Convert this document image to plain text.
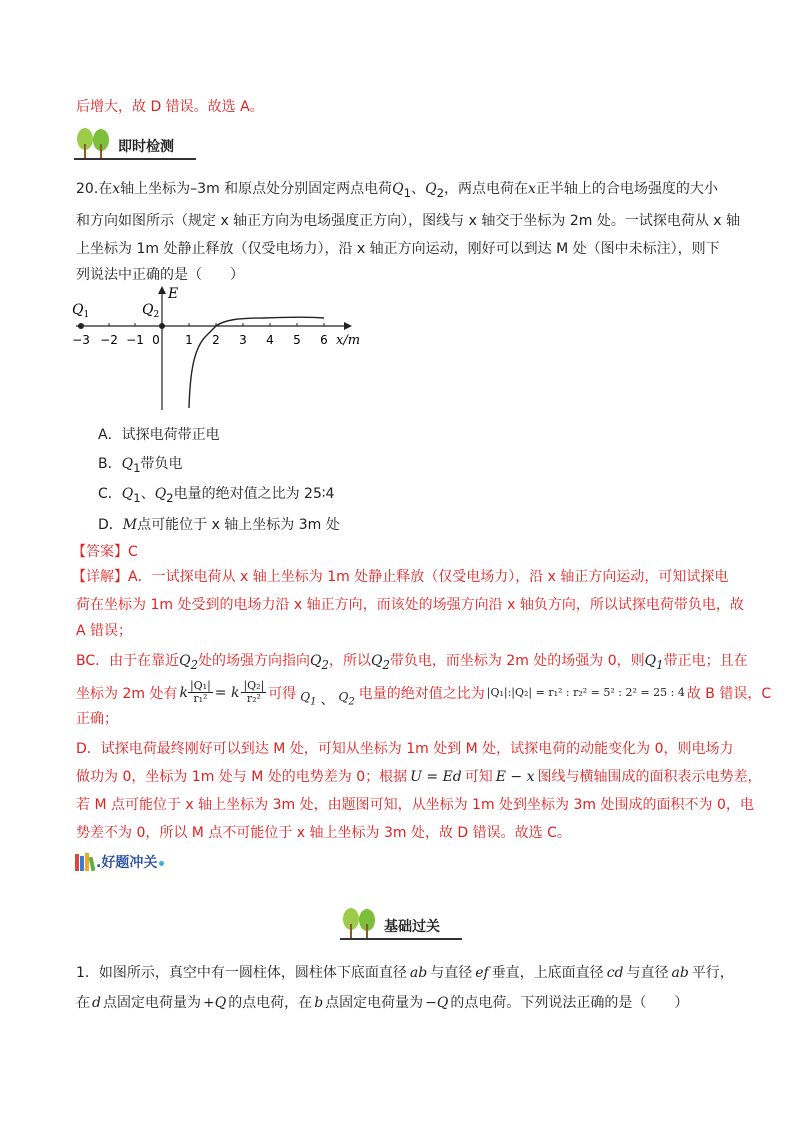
后增大，故 D 错误。故选 A。
即时检测
20.在x轴上坐标为–3m 和原点处分别固定两点电荷$Q_1$、$Q_2$，两点电荷在x正半轴上的合电场强度的大小
和方向如图所示（规定 x 轴正方向为电场强度正方向），图线与 x 轴交于坐标为 2m 处。一试探电荷从 x 轴
上坐标为 1m 处静止释放（仅受电场力），沿 x 轴正方向运动，刚好可以到达 M 处（图中未标注），则下
列说法中正确的是（　　）
$Q_1$	$Q_2$
E
x/m
−3 −2 −1 0 1 2 3 4 5 6
A．试探电荷带正电
B．$Q_1$带负电
C．$Q_1$、$Q_2$电量的绝对值之比为 25∶4
D．M点可能位于 x 轴上坐标为 3m 处
【答案】C
【详解】A．一试探电荷从 x 轴上坐标为 1m 处静止释放（仅受电场力），沿 x 轴正方向运动，可知试探电
荷在坐标为 1m 处受到的电场力沿 x 轴正方向，而该处的场强方向沿 x 轴负方向，所以试探电荷带负电，故
A 错误；
BC．由于在靠近$Q_2$处的场强方向指向$Q_2$，所以$Q_2$带负电，而坐标为 2m 处的场强为 0，则$Q_1$带正电；且在
坐标为 2m 处有 k $\frac{\text{|Q₁|}}{\text{r₁²}} = k \frac{\text{|Q₂|}}{\text{r₂²}}$ 可得 $Q_1$ 、 $Q_2$
电量的绝对值之比为 |Q₁|:|Q₂| = r₁² : r₂² = 5² : 2² = 25 : 4 故 B 错误，C
正确；
D．试探电荷最终刚好可以到达 M 处，可知从坐标为 1m 处到 M 处，试探电荷的动能变化为 0，则电场力
做功为 0，坐标为 1m 处与 M 处的电势差为 0；根据 U = Ed 可知 E − x 图线与横轴围成的面积表示电势差，
若 M 点可能位于 x 轴上坐标为 3m 处，由题图可知，从坐标为 1m 处到坐标为 3m 处围成的面积不为 0，电
势差不为 0，所以 M 点不可能位于 x 轴上坐标为 3m 处，故 D 错误。故选 C。
.好题冲关
基础过关
1．如图所示，真空中有一圆柱体，圆柱体下底面直径 ab 与直径 ef 垂直，上底面直径 cd 与直径 ab 平行，
在 d 点固定电荷量为 +Q 的点电荷，在 b 点固定电荷量为 −Q 的点电荷。下列说法正确的是（　　）
